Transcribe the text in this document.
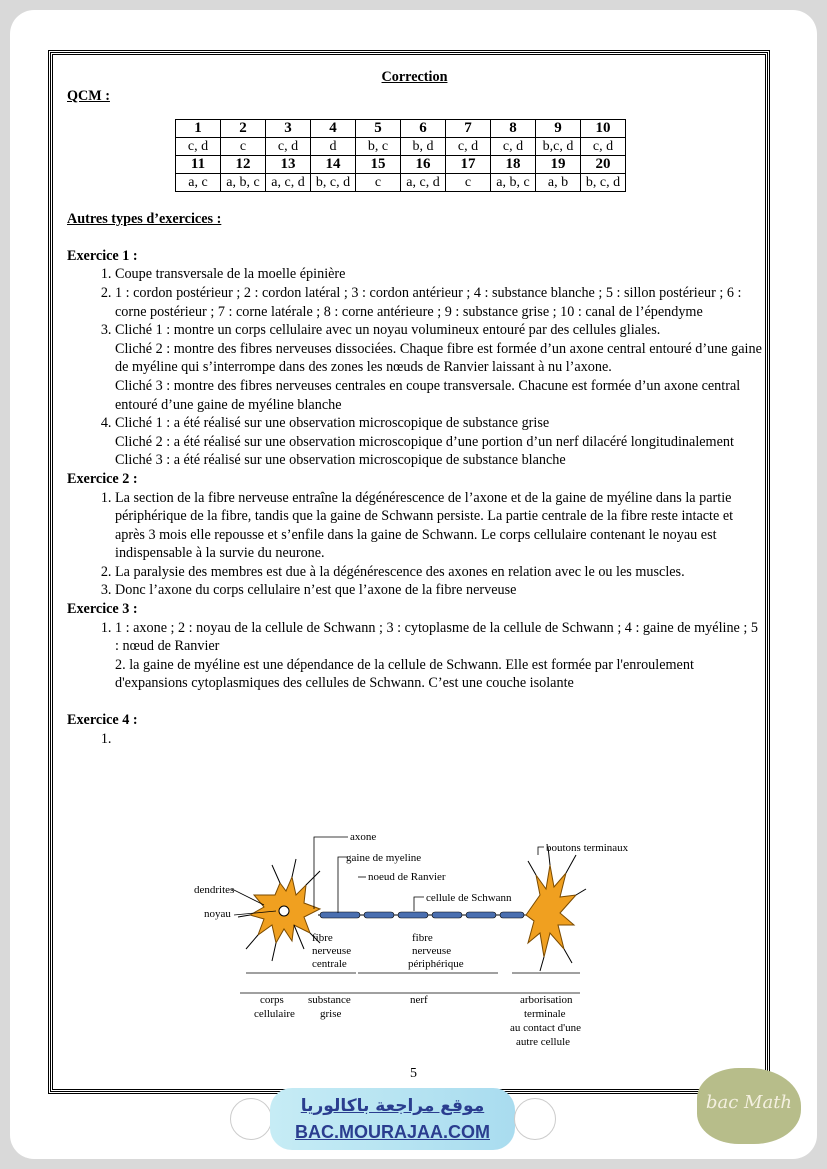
Correction

QCM :

1	2	3	4	5	6	7	8	9	10
c, d	c	c, d	d	b, c	b, d	c, d	c, d	b,c, d	c, d
11	12	13	14	15	16	17	18	19	20
a, c	a, b, c	a, c, d	b, c, d	c	a, c, d	c	a, b, c	a, b	b, c, d

Autres types d’exercices :

Exercice 1 :

1. Coupe transversale de la moelle épinière
2. 1 : cordon postérieur ; 2 : cordon latéral ; 3 : cordon antérieur ; 4 : substance blanche ; 5 : sillon postérieur ; 6 : corne postérieur ; 7 : corne latérale ; 8 : corne antérieure ; 9 : substance grise ; 10 : canal de l’épendyme
3. Cliché 1 : montre un corps cellulaire avec un noyau volumineux entouré par des cellules gliales.
Cliché 2 : montre des fibres nerveuses dissociées. Chaque fibre est formée d’un axone central entouré d’une gaine de myéline qui s’interrompe dans des zones les nœuds de Ranvier laissant à nu l’axone.
Cliché 3 : montre des fibres nerveuses centrales en coupe transversale. Chacune est formée d’un axone central entouré d’une gaine de myéline blanche
4. Cliché 1 : a été réalisé sur une observation microscopique de substance grise
Cliché 2 : a été réalisé sur une observation microscopique d’une portion d’un nerf dilacéré longitudinalement
Cliché 3 : a été réalisé sur une observation microscopique de substance blanche

Exercice 2 :

1. La section de la fibre nerveuse entraîne la dégénérescence de l’axone et de la gaine de myéline dans la partie périphérique de la fibre, tandis que la gaine de Schwann persiste. La partie centrale de la fibre reste intacte et après 3 mois elle repousse et s’enfile dans la gaine de Schwann. Le corps cellulaire contenant le noyau est indispensable à la survie du neurone.
2. La paralysie des membres est due à la dégénérescence des axones en relation avec le ou les muscles.
3. Donc l’axone du corps cellulaire n’est que l’axone de la fibre nerveuse

Exercice 3 :

1. 1 : axone ; 2 : noyau de la cellule de Schwann ; 3 : cytoplasme de la cellule de Schwann ; 4 : gaine de myéline ; 5 : nœud de Ranvier

2. la gaine de myéline est une dépendance de la cellule de Schwann. Elle est formée par l'enroulement d'expansions cytoplasmiques des cellules de Schwann. C’est une couche isolante

Exercice 4 :

1.
axone
gaine de myeline
noeud de Ranvier
cellule de Schwann
boutons terminaux
dendrites
noyau
fibre
nerveuse
centrale
fibre
nerveuse
périphérique
corps
cellulaire
substance
grise
nerf	arborisation
terminale
au contact d'une
autre cellule
5
موقع مراجعة باكالوريا
BAC.MOURAJAA.COM
bac Math
